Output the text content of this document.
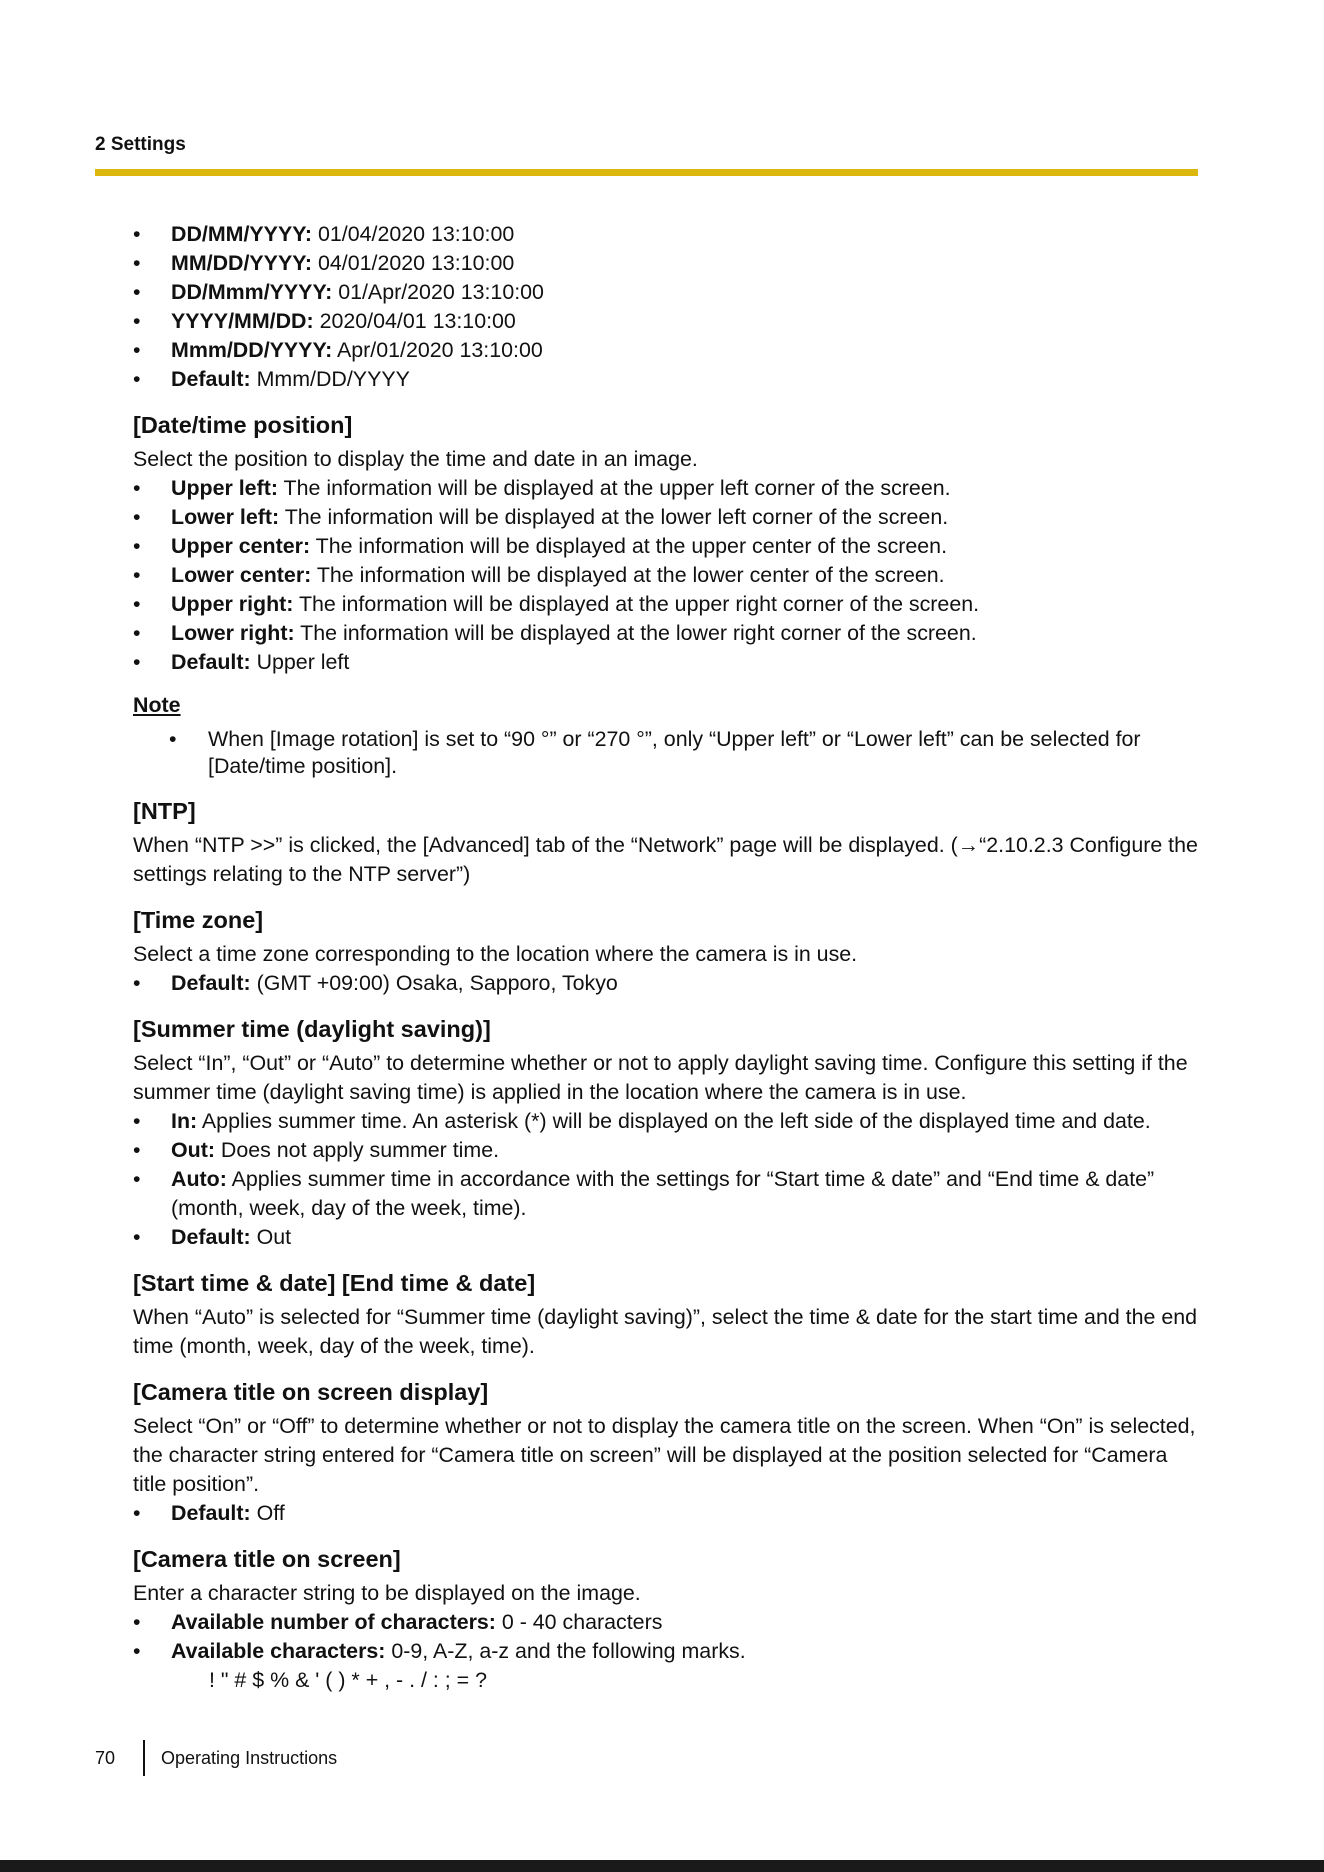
2 Settings
• DD/MM/YYYY: 01/04/2020 13:10:00
• MM/DD/YYYY: 04/01/2020 13:10:00
• DD/Mmm/YYYY: 01/Apr/2020 13:10:00
• YYYY/MM/DD: 2020/04/01 13:10:00
• Mmm/DD/YYYY: Apr/01/2020 13:10:00
• Default: Mmm/DD/YYYY
[Date/time position]

Select the position to display the time and date in an image.

• Upper left: The information will be displayed at the upper left corner of the screen.
• Lower left: The information will be displayed at the lower left corner of the screen.
• Upper center: The information will be displayed at the upper center of the screen.
• Lower center: The information will be displayed at the lower center of the screen.
• Upper right: The information will be displayed at the upper right corner of the screen.
• Lower right: The information will be displayed at the lower right corner of the screen.
• Default: Upper left
Note
• When [Image rotation] is set to “90 °” or “270 °”, only “Upper left” or “Lower left” can be selected for [Date/time position].
[NTP]

When “NTP >>” is clicked, the [Advanced] tab of the “Network” page will be displayed. (→“2.10.2.3 Configure the settings relating to the NTP server”)

[Time zone]

Select a time zone corresponding to the location where the camera is in use.

• Default: (GMT +09:00) Osaka, Sapporo, Tokyo
[Summer time (daylight saving)]

Select “In”, “Out” or “Auto” to determine whether or not to apply daylight saving time. Configure this setting if the summer time (daylight saving time) is applied in the location where the camera is in use.

• In: Applies summer time. An asterisk (*) will be displayed on the left side of the displayed time and date.
• Out: Does not apply summer time.
• Auto: Applies summer time in accordance with the settings for “Start time & date” and “End time & date” (month, week, day of the week, time).
• Default: Out
[Start time & date] [End time & date]

When “Auto” is selected for “Summer time (daylight saving)”, select the time & date for the start time and the end time (month, week, day of the week, time).

[Camera title on screen display]

Select “On” or “Off” to determine whether or not to display the camera title on the screen. When “On” is selected, the character string entered for “Camera title on screen” will be displayed at the position selected for “Camera title position”.

• Default: Off
[Camera title on screen]

Enter a character string to be displayed on the image.

• Available number of characters: 0 - 40 characters
• Available characters: 0-9, A-Z, a-z and the following marks.
! " # $ % & ' ( ) * + , - . / : ; = ?
70	Operating Instructions
